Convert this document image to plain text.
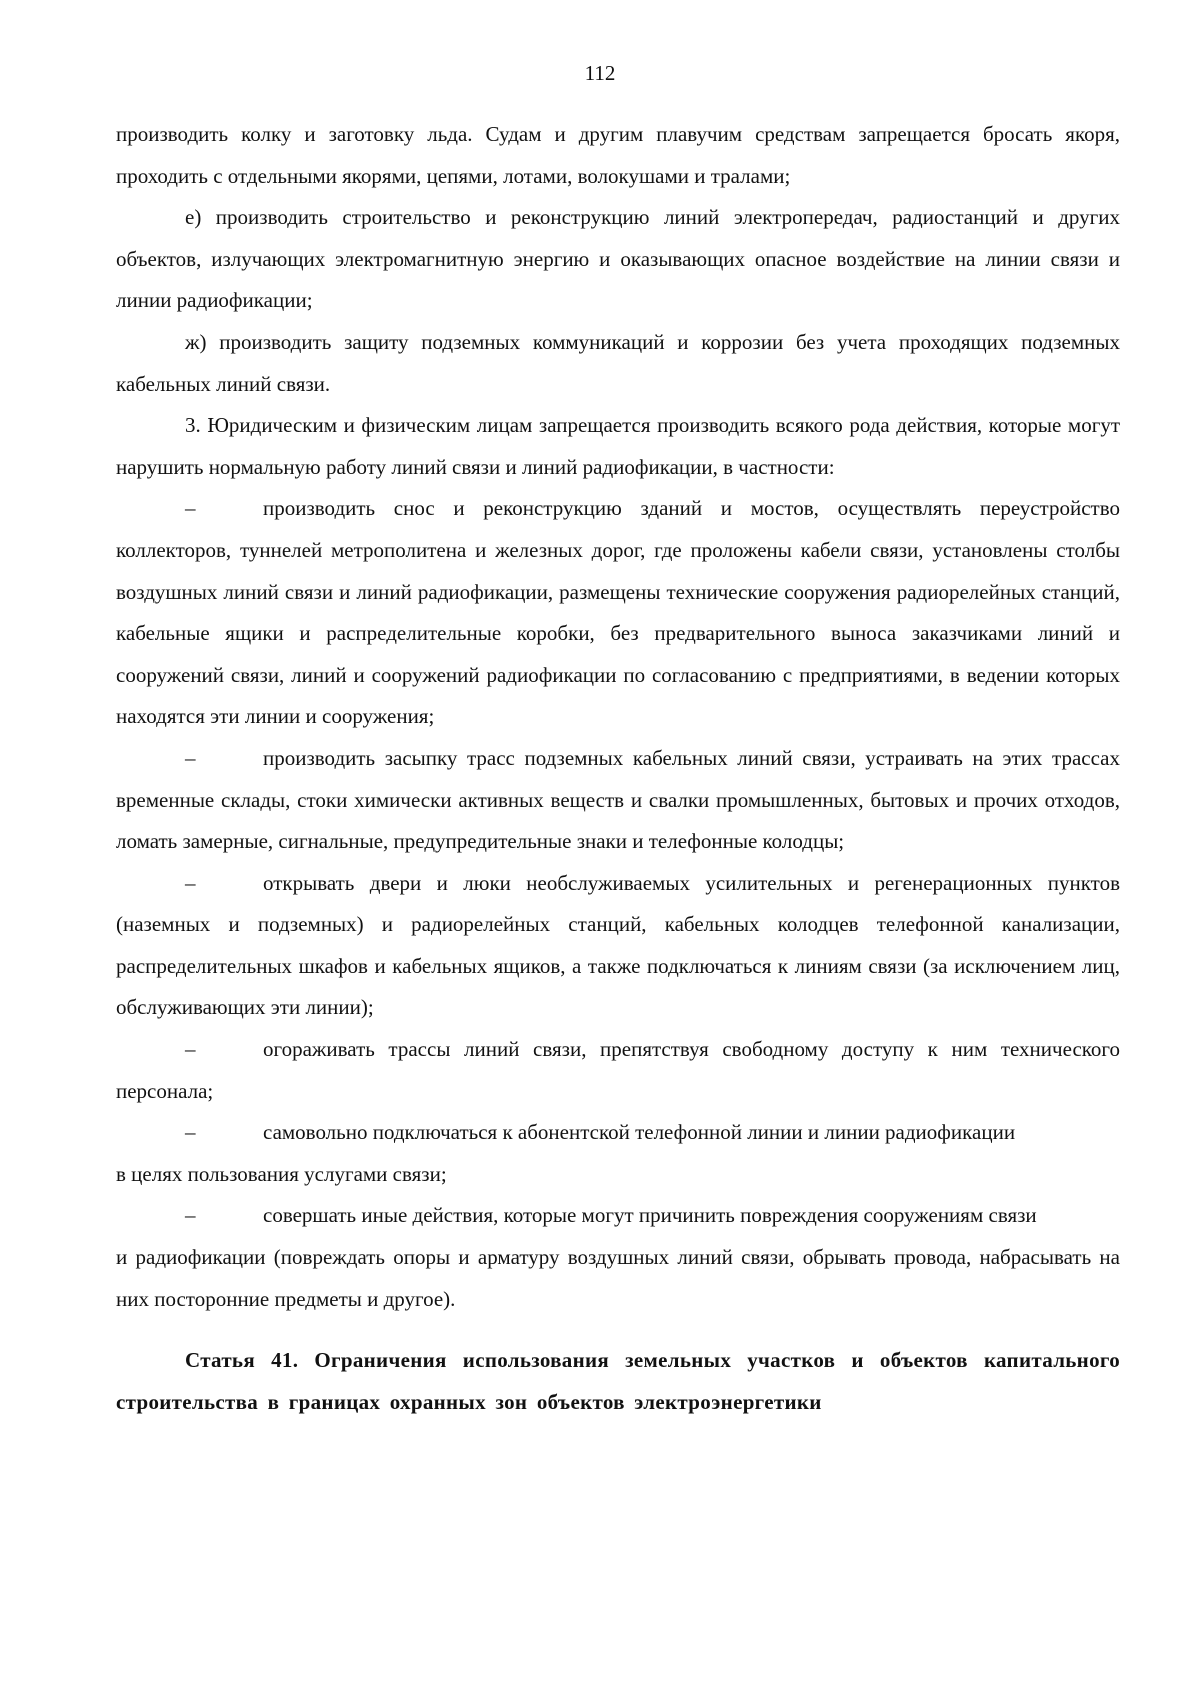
112

производить колку и заготовку льда. Судам и другим плавучим средствам запрещается бросать якоря, проходить с отдельными якорями, цепями, лотами, волокушами и тралами;

е) производить строительство и реконструкцию линий электропередач, радиостанций и других объектов, излучающих электромагнитную энергию и оказывающих опасное воздействие на линии связи и линии радиофикации;

ж) производить защиту подземных коммуникаций и коррозии без учета проходящих подземных кабельных линий связи.

3. Юридическим и физическим лицам запрещается производить всякого рода действия, которые могут нарушить нормальную работу линий связи и линий радиофикации, в частности:

–	производить снос и реконструкцию зданий и мостов, осуществлять переустройство коллекторов, туннелей метрополитена и железных дорог, где проложены кабели связи, установлены столбы воздушных линий связи и линий радиофикации, размещены технические сооружения радиорелейных станций, кабельные ящики и распределительные коробки, без предварительного выноса заказчиками линий и сооружений связи, линий и сооружений радиофикации по согласованию с предприятиями, в ведении которых находятся эти линии и сооружения;

–	производить засыпку трасс подземных кабельных линий связи, устраивать на этих трассах временные склады, стоки химически активных веществ и свалки промышленных, бытовых и прочих отходов, ломать замерные, сигнальные, предупредительные знаки и телефонные колодцы;

–	открывать двери и люки необслуживаемых усилительных и регенерационных пунктов (наземных и подземных) и радиорелейных станций, кабельных колодцев телефонной канализации, распределительных шкафов и кабельных ящиков, а также подключаться к линиям связи (за исключением лиц, обслуживающих эти линии);

–	огораживать трассы линий связи, препятствуя свободному доступу к ним технического персонала;

–	самовольно подключаться к абонентской телефонной линии и линии радиофикации

в целях пользования услугами связи;

–	совершать иные действия, которые могут причинить повреждения сооружениям связи

и радиофикации (повреждать опоры и арматуру воздушных линий связи, обрывать провода, набрасывать на них посторонние предметы и другое).

Статья 41. Ограничения использования земельных участков и объектов капитального строительства в границах охранных зон объектов электроэнергетики
